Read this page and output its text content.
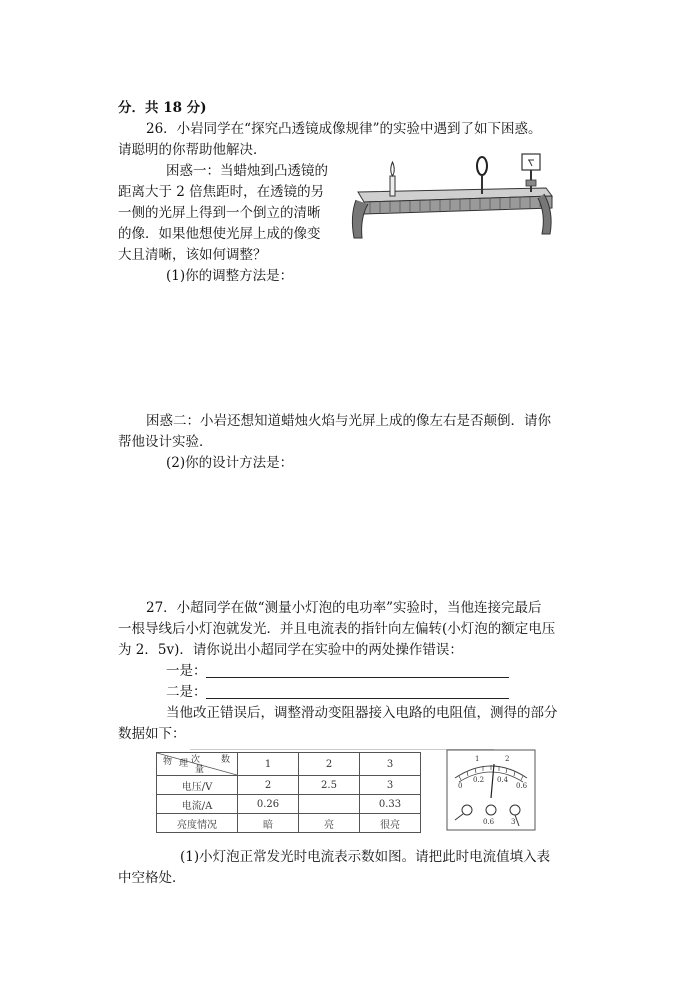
分．共 18 分)
26．小岩同学在“探究凸透镜成像规律”的实验中遇到了如下困惑。
请聪明的你帮助他解决．
困惑一：当蜡烛到凸透镜的
距离大于 2 倍焦距时，在透镜的另
一侧的光屏上得到一个倒立的清晰
的像．如果他想使光屏上成的像变
大且清晰，该如何调整？
(1)你的调整方法是：
困惑二：小岩还想知道蜡烛火焰与光屏上成的像左右是否颠倒．请你
帮他设计实验．
(2)你的设计方法是：
27．小超同学在做“测量小灯泡的电功率”实验时，当他连接完最后
一根导线后小灯泡就发光．并且电流表的指针向左偏转(小灯泡的额定电压
为 2．5v)．请你说出小超同学在实验中的两处操作错误：
一是：
二是：
当他改正错误后，调整滑动变阻器接入电路的电阻值，测得的部分
数据如下：
次 数
物 理
量	1	2	3
电压/V	2	2.5	3
电流/A	0.26		0.33
亮度情况	暗	亮	很亮
0
0.2 0.4
0.6
1	2
0.6 3
(1)小灯泡正常发光时电流表示数如图。请把此时电流值填入表
中空格处．
